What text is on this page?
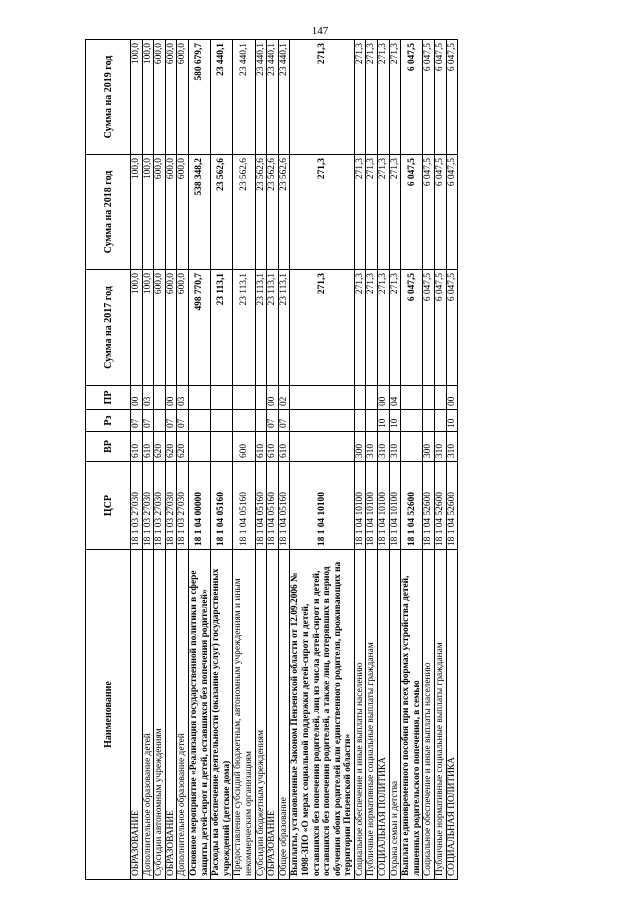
147
Наименование	ЦСР	ВР	Рз	ПР	Сумма на 2017 год	Сумма на 2018 год	Сумма на 2019 год
ОБРАЗОВАНИЕ	18 1 03 27030	610	07	00	100,0	100,0	100,0
Дополнительное образование детей	18 1 03 27030	610	07	03	100,0	100,0	100,0
Субсидии автономным учреждениям	18 1 03 27030	620			600,0	600,0	600,0
ОБРАЗОВАНИЕ	18 1 03 27030	620	07	00	600,0	600,0	600,0
Дополнительное образование детей	18 1 03 27030	620	07	03	600,0	600,0	600,0
Основное мероприятие «Реализация государственной политики в сфере защиты детей-сирот и детей, оставшихся без попечения родителей»	18 1 04 00000				498 770,7	538 348,2	580 679,7
Расходы на обеспечение деятельности (оказание услуг) государственных учреждений (детские дома)	18 1 04 05160				23 113,1	23 562,6	23 440,1
Предоставление субсидий бюджетным, автономным учреждениям и иным некоммерческим организациям	18 1 04 05160	600			23 113,1	23 562,6	23 440,1
Субсидии бюджетным учреждениям	18 1 04 05160	610			23 113,1	23 562,6	23 440,1
ОБРАЗОВАНИЕ	18 1 04 05160	610	07	00	23 113,1	23 562,6	23 440,1
Общее образование	18 1 04 05160	610	07	02	23 113,1	23 562,6	23 440,1
Выплаты, установленные Законом Пензенской области от 12.09.2006 № 1098-ЗПО «О мерах социальной поддержки детей-сирот и детей, оставшихся без попечения родителей, лиц из числа детей-сирот и детей, оставшихся без попечения родителей, а также лиц, потерявших в период обучения обоих родителей или единственного родителя, проживающих на территории Пензенской области»	18 1 04 10100				271,3	271,3	271,3
Социальное обеспечение и иные выплаты населению	18 1 04 10100	300			271,3	271,3	271,3
Публичные нормативные социальные выплаты гражданам	18 1 04 10100	310			271,3	271,3	271,3
СОЦИАЛЬНАЯ ПОЛИТИКА	18 1 04 10100	310	10	00	271,3	271,3	271,3
Охрана семьи и детства	18 1 04 10100	310	10	04	271,3	271,3	271,3
Выплата единовременного пособия при всех формах устройства детей, лишенных родительского попечения, в семью	18 1 04 52600				6 047,5	6 047,5	6 047,5
Социальное обеспечение и иные выплаты населению	18 1 04 52600	300			6 047,5	6 047,5	6 047,5
Публичные нормативные социальные выплаты гражданам	18 1 04 52600	310			6 047,5	6 047,5	6 047,5
СОЦИАЛЬНАЯ ПОЛИТИКА	18 1 04 52600	310	10	00	6 047,5	6 047,5	6 047,5
